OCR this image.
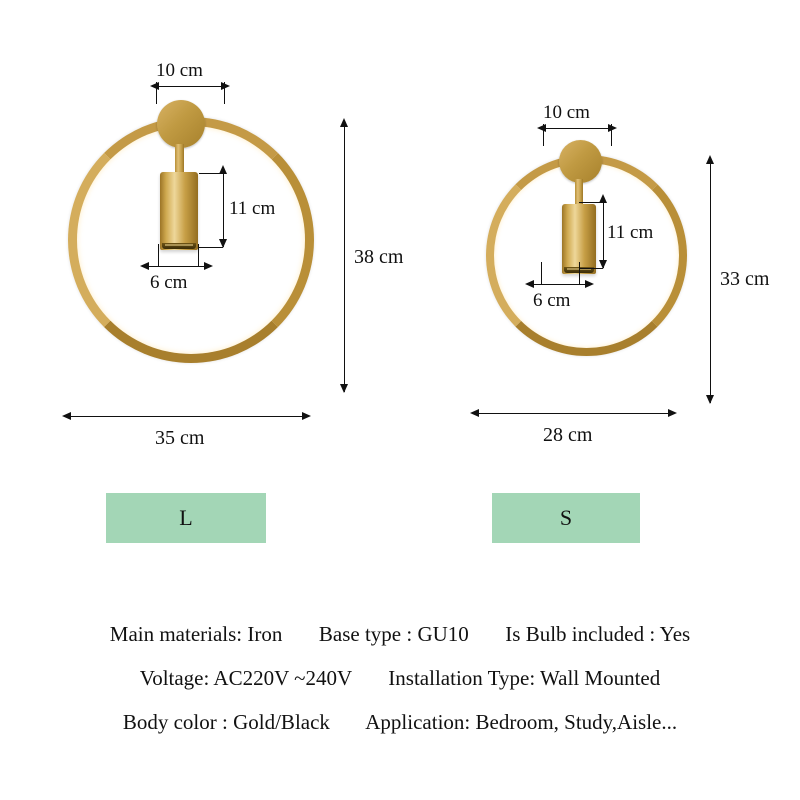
10 cm
11 cm
6 cm
38 cm
35 cm
L
10 cm
11 cm
6 cm
33 cm
28 cm
S
Main materials: Iron Base type : GU10 Is Bulb included : Yes
Voltage: AC220V ~240V Installation Type: Wall Mounted
Body color : Gold/Black Application: Bedroom, Study,Aisle...
